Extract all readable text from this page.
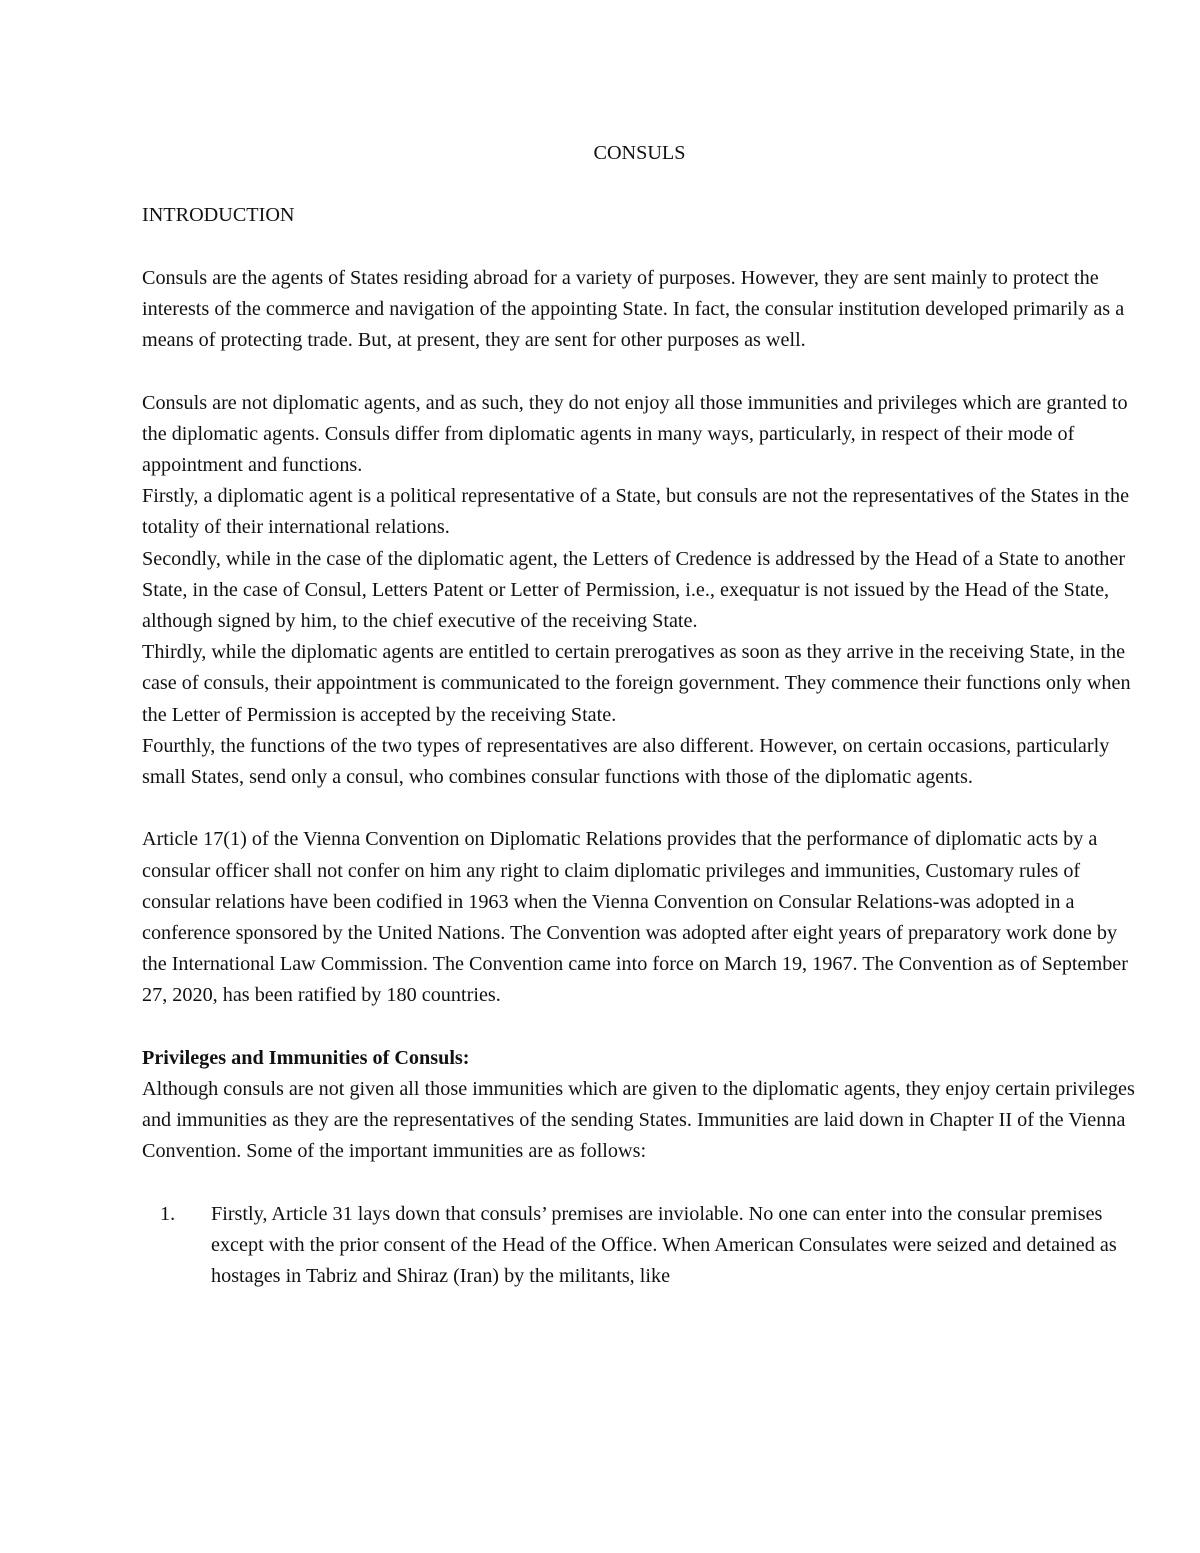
CONSULS
INTRODUCTION

Consuls are the agents of States residing abroad for a variety of purposes. However, they are sent mainly to protect the interests of the commerce and navigation of the appointing State. In fact, the consular institution developed primarily as a means of protecting trade. But, at present, they are sent for other purposes as well.

Consuls are not diplomatic agents, and as such, they do not enjoy all those immunities and privileges which are granted to the diplomatic agents. Consuls differ from diplomatic agents in many ways, particularly, in respect of their mode of appointment and functions.

Firstly, a diplomatic agent is a political representative of a State, but consuls are not the representatives of the States in the totality of their international relations.

Secondly, while in the case of the diplomatic agent, the Letters of Credence is addressed by the Head of a State to another State, in the case of Consul, Letters Patent or Letter of Permission, i.e., exequatur is not issued by the Head of the State, although signed by him, to the chief executive of the receiving State.

Thirdly, while the diplomatic agents are entitled to certain prerogatives as soon as they arrive in the receiving State, in the case of consuls, their appointment is communicated to the foreign government. They commence their functions only when the Letter of Permission is accepted by the receiving State.

Fourthly, the functions of the two types of representatives are also different. However, on certain occasions, particularly small States, send only a consul, who combines consular functions with those of the diplomatic agents.

Article 17(1) of the Vienna Convention on Diplomatic Relations provides that the performance of diplomatic acts by a consular officer shall not confer on him any right to claim diplomatic privileges and immunities, Customary rules of consular relations have been codified in 1963 when the Vienna Convention on Consular Relations-was adopted in a conference sponsored by the United Nations. The Convention was adopted after eight years of preparatory work done by the International Law Commission. The Convention came into force on March 19, 1967. The Convention as of September 27, 2020, has been ratified by 180 countries.

Privileges and Immunities of Consuls:

Although consuls are not given all those immunities which are given to the diplomatic agents, they enjoy certain privileges and immunities as they are the representatives of the sending States. Immunities are laid down in Chapter II of the Vienna Convention. Some of the important immunities are as follows:

1. Firstly, Article 31 lays down that consuls’ premises are inviolable. No one can enter into the consular premises except with the prior consent of the Head of the Office. When American Consulates were seized and detained as hostages in Tabriz and Shiraz (Iran) by the militants, like
